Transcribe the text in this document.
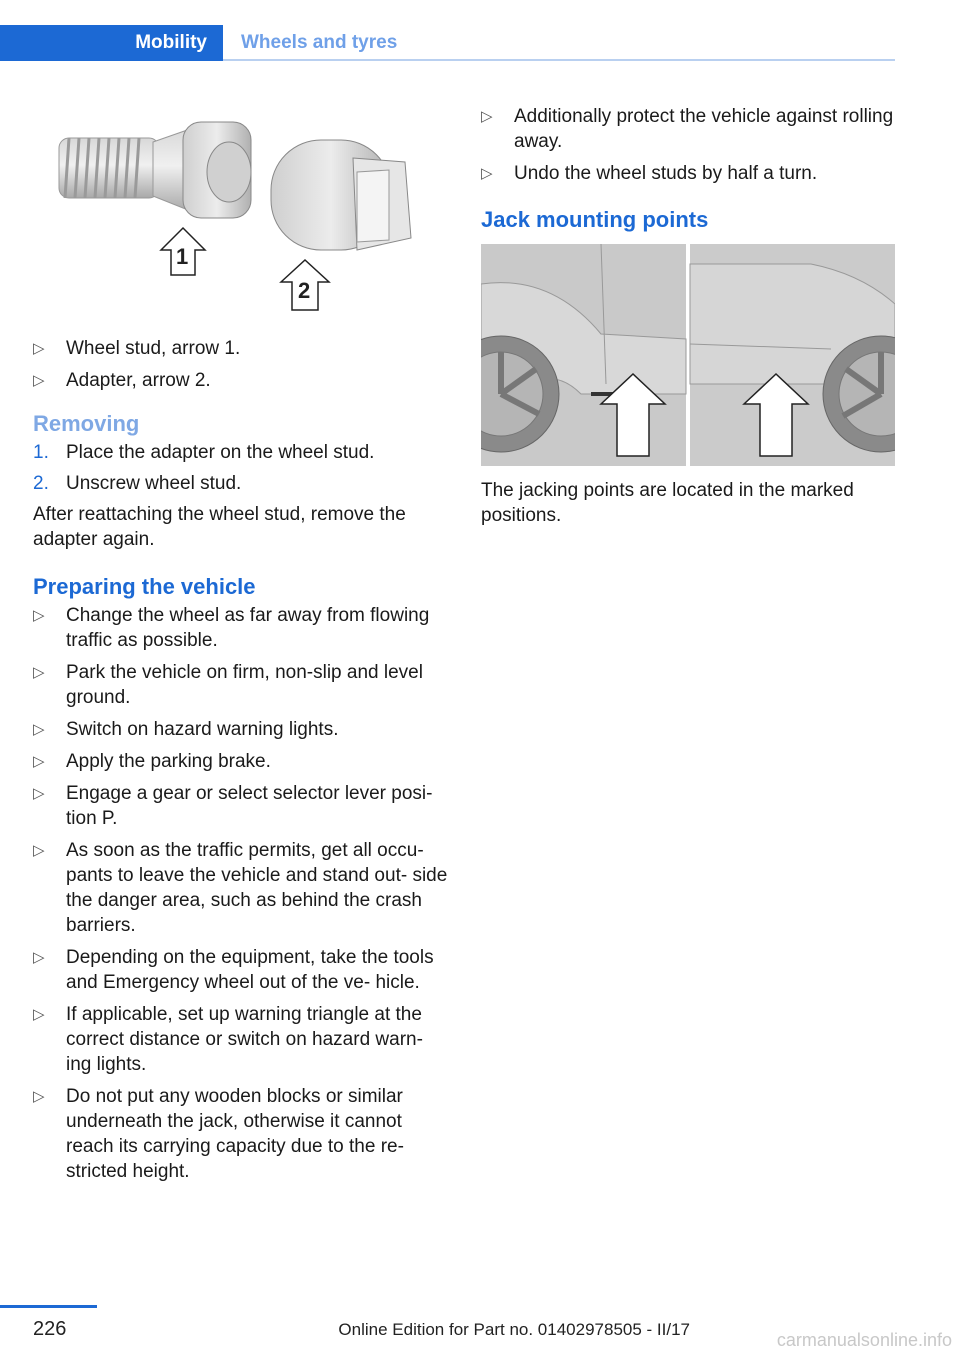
Mobility	Wheels and tyres
1
2
▷	Wheel stud, arrow 1.
▷	Adapter, arrow 2.
Removing
1. Place the adapter on the wheel stud.
2. Unscrew wheel stud.

After reattaching the wheel stud, remove the adapter again.

Preparing the vehicle
▷	Change the wheel as far away from flowing traffic as possible.
▷	Park the vehicle on firm, non-slip and level ground.
▷	Switch on hazard warning lights.
▷	Apply the parking brake.
▷	Engage a gear or select selector lever posi‐ tion P.
▷	As soon as the traffic permits, get all occu‐ pants to leave the vehicle and stand out‐ side the danger area, such as behind the crash barriers.
▷	Depending on the equipment, take the tools and Emergency wheel out of the ve‐ hicle.
▷	If applicable, set up warning triangle at the correct distance or switch on hazard warn‐ ing lights.
▷	Do not put any wooden blocks or similar underneath the jack, otherwise it cannot reach its carrying capacity due to the re‐ stricted height.
▷	Additionally protect the vehicle against rolling away.
▷	Undo the wheel studs by half a turn.
Jack mounting points

The jacking points are located in the marked positions.

226	Online Edition for Part no. 01402978505 - II/17
carmanualsonline.info
